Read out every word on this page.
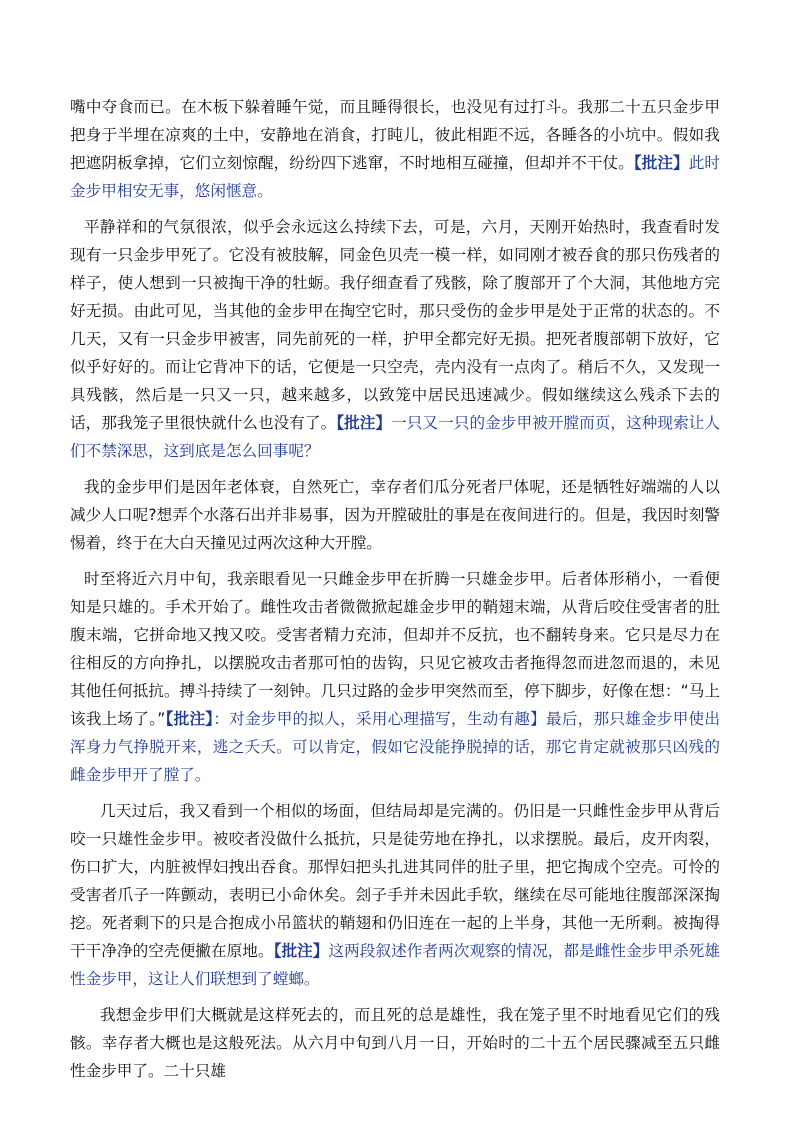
嘴中夺食而已。在木板下躲着睡午觉，而且睡得很长，也没见有过打斗。我那二十五只金步甲把身于半埋在凉爽的土中，安静地在消食，打盹儿，彼此相距不远，各睡各的小坑中。假如我把遮阴板拿掉，它们立刻惊醒，纷纷四下逃窜，不时地相互碰撞，但却并不干仗。【批注】此时金步甲相安无事，悠闲惬意。

平静祥和的气氛很浓，似乎会永远这么持续下去，可是，六月，天刚开始热时，我查看时发现有一只金步甲死了。它没有被肢解，同金色贝壳一模一样，如同刚才被吞食的那只伤残者的样子，使人想到一只被掏干净的牡蛎。我仔细查看了残骸，除了腹部开了个大洞，其他地方完好无损。由此可见，当其他的金步甲在掏空它时，那只受伤的金步甲是处于正常的状态的。不几天，又有一只金步甲被害，同先前死的一样，护甲全都完好无损。把死者腹部朝下放好，它似乎好好的。而让它背冲下的话，它便是一只空壳，壳内没有一点肉了。稍后不久，又发现一具残骸，然后是一只又一只，越来越多，以致笼中居民迅速减少。假如继续这么残杀下去的话，那我笼子里很快就什么也没有了。【批注】一只又一只的金步甲被开膛而页，这种现索让人们不禁深思，这到底是怎么回事呢？

我的金步甲们是因年老体衰，自然死亡，幸存者们瓜分死者尸体呢，还是牺牲好端端的人以减少人口呢?想弄个水落石出并非易事，因为开膛破肚的事是在夜间进行的。但是，我因时刻警惕着，终于在大白天撞见过两次这种大开膛。

时至将近六月中旬，我亲眼看见一只雌金步甲在折腾一只雄金步甲。后者体形稍小，一看便知是只雄的。手术开始了。雌性攻击者微微掀起雄金步甲的鞘翅末端，从背后咬住受害者的肚腹末端，它拼命地又拽又咬。受害者精力充沛，但却并不反抗，也不翻转身来。它只是尽力在往相反的方向挣扎，以摆脱攻击者那可怕的齿钩，只见它被攻击者拖得忽而进忽而退的，未见其他任何抵抗。搏斗持续了一刻钟。几只过路的金步甲突然而至，停下脚步，好像在想：“马上该我上场了。”【批注】：对金步甲的拟人，采用心理描写，生动有趣】最后，那只雄金步甲使出浑身力气挣脱开来，逃之夭夭。可以肯定，假如它没能挣脱掉的话，那它肯定就被那只凶残的雌金步甲开了膛了。

几天过后，我又看到一个相似的场面，但结局却是完满的。仍旧是一只雌性金步甲从背后咬一只雄性金步甲。被咬者没做什么抵抗，只是徒劳地在挣扎，以求摆脱。最后，皮开肉裂，伤口扩大，内脏被悍妇拽出吞食。那悍妇把头扎进其同伴的肚子里，把它掏成个空壳。可怜的受害者爪子一阵颤动，表明已小命休矣。刽子手并未因此手软，继续在尽可能地往腹部深深掏挖。死者剩下的只是合抱成小吊篮状的鞘翅和仍旧连在一起的上半身，其他一无所剩。被掏得干干净净的空壳便撇在原地。【批注】这两段叙述作者两次观察的情况，都是雌性金步甲杀死雄性金步甲，这让人们联想到了螳螂。

我想金步甲们大概就是这样死去的，而且死的总是雄性，我在笼子里不时地看见它们的残骸。幸存者大概也是这般死法。从六月中旬到八月一日，开始时的二十五个居民骤减至五只雌性金步甲了。二十只雄
